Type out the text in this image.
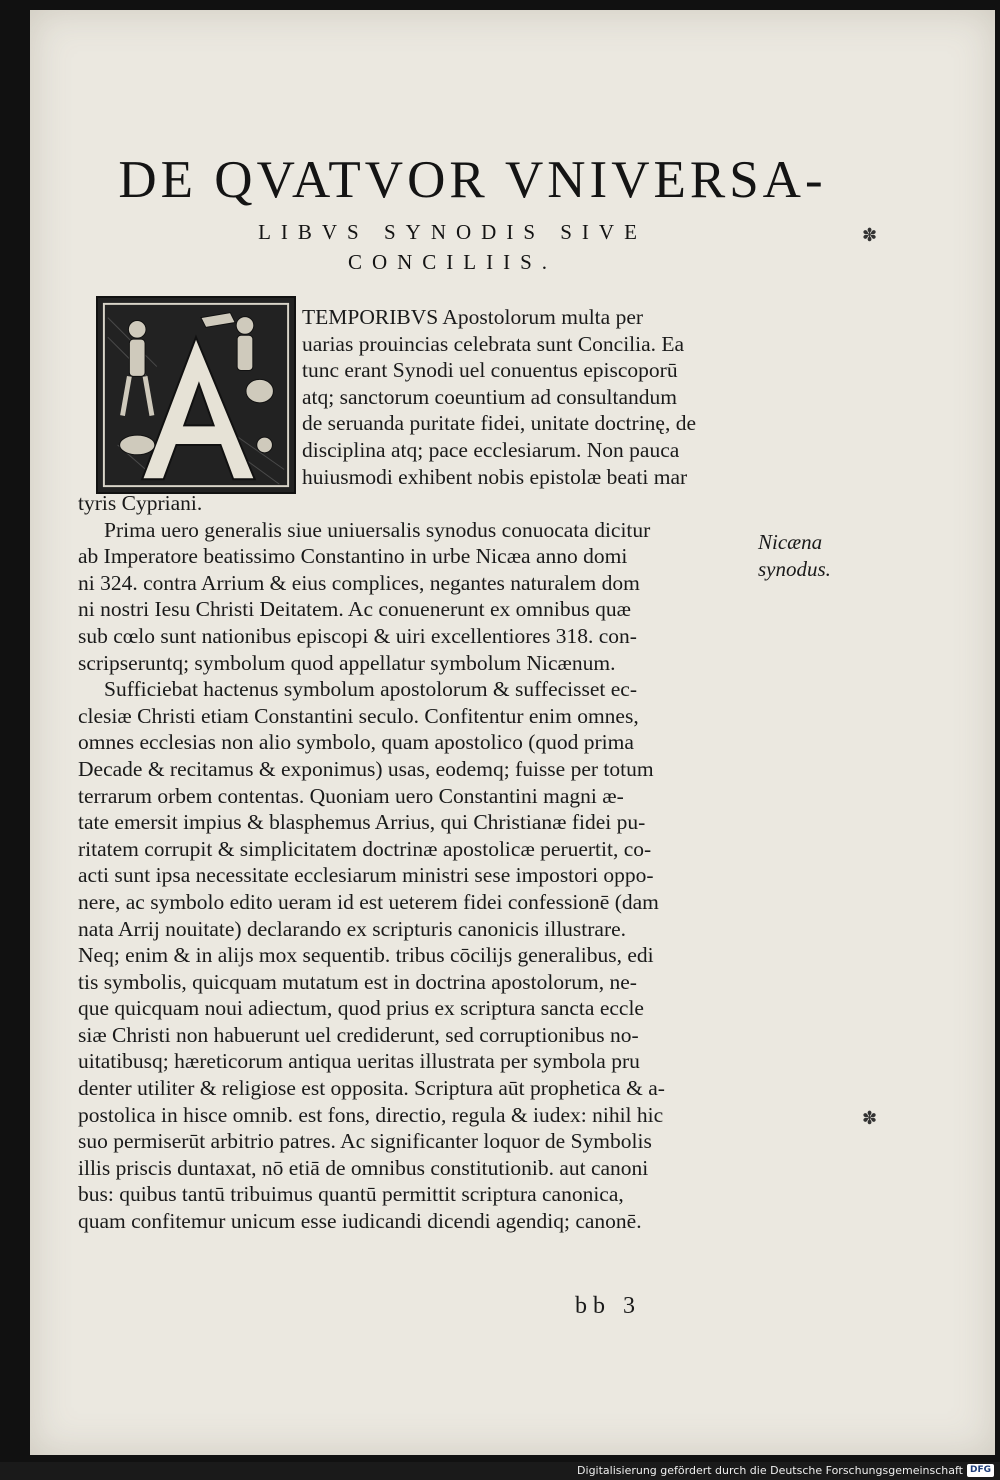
DE QVATVOR VNIVERSA-
LIBVS SYNODIS SIVE
CONCILIIS.
TEMPORIBVS Apostolorum multa per
uarias prouincias celebrata sunt Concilia. Ea
tunc erant Synodi uel conuentus episcoporū
atq; sanctorum coeuntium ad consultandum
de seruanda puritate fidei, unitate doctrinę, de
disciplina atq; pace ecclesiarum. Non pauca
huiusmodi exhibent nobis epistolæ beati mar
tyris Cypriani.
Prima uero generalis siue uniuersalis synodus conuocata dicitur
ab Imperatore beatissimo Constantino in urbe Nicæa anno domi
ni 324. contra Arrium & eius complices, negantes naturalem dom
ni nostri Iesu Christi Deitatem. Ac conuenerunt ex omnibus quæ
sub cœlo sunt nationibus episcopi & uiri excellentiores 318. con-
scripseruntq; symbolum quod appellatur symbolum Nicænum.
Sufficiebat hactenus symbolum apostolorum & suffecisset ec-
clesiæ Christi etiam Constantini seculo. Confitentur enim omnes,
omnes ecclesias non alio symbolo, quam apostolico (quod prima
Decade & recitamus & exponimus) usas, eodemq; fuisse per totum
terrarum orbem contentas. Quoniam uero Constantini magni æ-
tate emersit impius & blasphemus Arrius, qui Christianæ fidei pu-
ritatem corrupit & simplicitatem doctrinæ apostolicæ peruertit, co-
acti sunt ipsa necessitate ecclesiarum ministri sese impostori oppo-
nere, ac symbolo edito ueram id est ueterem fidei confessionē (dam
nata Arrij nouitate) declarando ex scripturis canonicis illustrare.
Neq; enim & in alijs mox sequentib. tribus cōcilijs generalibus, edi
tis symbolis, quicquam mutatum est in doctrina apostolorum, ne-
que quicquam noui adiectum, quod prius ex scriptura sancta eccle
siæ Christi non habuerunt uel crediderunt, sed corruptionibus no-
uitatibusq; hæreticorum antiqua ueritas illustrata per symbola pru
denter utiliter & religiose est opposita. Scriptura aūt prophetica & a-
postolica in hisce omnib. est fons, directio, regula & iudex: nihil hic
suo permiserūt arbitrio patres. Ac significanter loquor de Symbolis
illis priscis duntaxat, nō etiā de omnibus constitutionib. aut canoni
bus: quibus tantū tribuimus quantū permittit scriptura canonica,
quam confitemur unicum esse iudicandi dicendi agendiq; canonē.
Nicæna
synodus.
bb 3
✽
✽
Digitalisierung gefördert durch die Deutsche Forschungsgemeinschaft DFG
